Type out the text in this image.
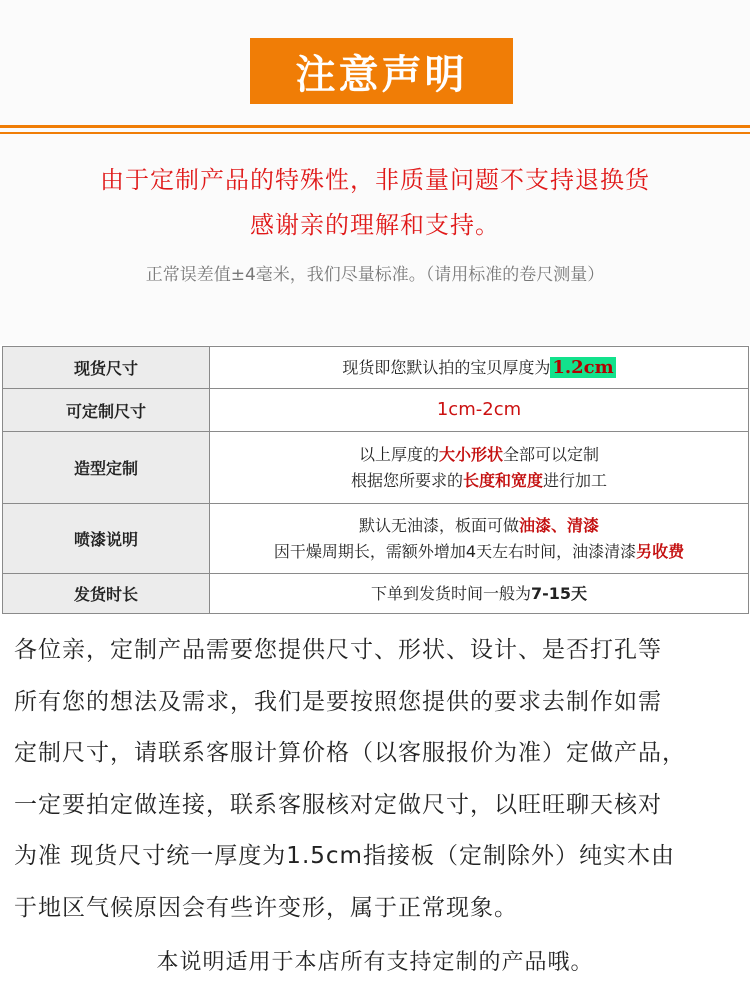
注意声明
由于定制产品的特殊性，非质量问题不支持退换货
感谢亲的理解和支持。
正常误差值±4毫米，我们尽量标准。（请用标准的卷尺测量）
现货尺寸	现货即您默认拍的宝贝厚度为 1.2cm
可定制尺寸	1cm-2cm
造型定制	以上厚度的大小形状全部可以定制
根据您所要求的长度和宽度进行加工

喷漆说明	默认无油漆，板面可做油漆、清漆
因干燥周期长，需额外增加4天左右时间，油漆清漆另收费

发货时长	下单到发货时间一般为7-15天

各位亲，定制产品需要您提供尺寸、形状、设计、是否打孔等

所有您的想法及需求，我们是要按照您提供的要求去制作如需

定制尺寸，请联系客服计算价格（以客服报价为准）定做产品，

一定要拍定做连接，联系客服核对定做尺寸，以旺旺聊天核对

为准 现货尺寸统一厚度为1.5cm指接板（定制除外）纯实木由

于地区气候原因会有些许变形，属于正常现象。

本说明适用于本店所有支持定制的产品哦。
